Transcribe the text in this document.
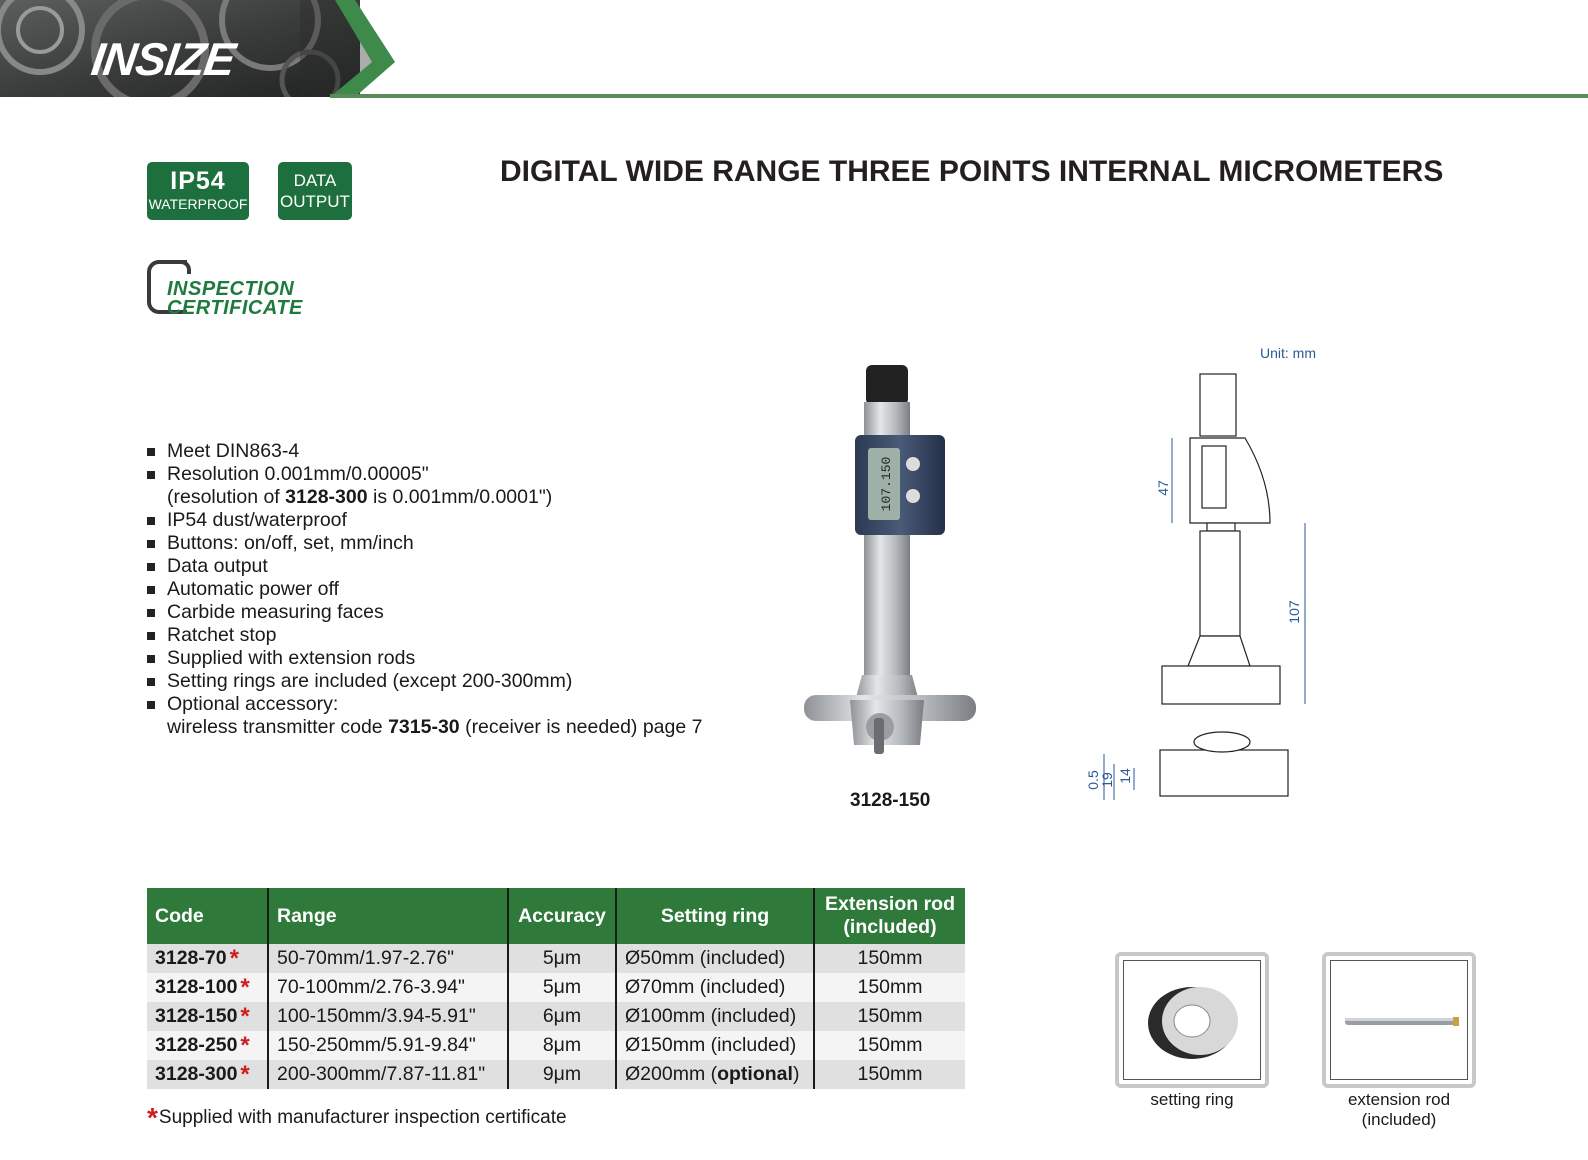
INSIZE
IP54
WATERPROOF
DATA
OUTPUT
DIGITAL WIDE RANGE THREE POINTS INTERNAL MICROMETERS
INSPECTION
CERTIFICATE
Meet DIN863-4
Resolution 0.001mm/0.00005"
(resolution of 3128-300 is 0.001mm/0.0001")
IP54 dust/waterproof
Buttons: on/off, set, mm/inch
Data output
Automatic power off
Carbide measuring faces
Ratchet stop
Supplied with extension rods
Setting rings are included (except 200-300mm)
Optional accessory:
wireless transmitter code 7315-30 (receiver is needed) page 7
107.150
3128-150
Unit: mm
47
107
0.5
19 14
Code	Range	Accuracy	Setting ring	Extension rod
(included)
3128-70 *	50-70mm/1.97-2.76"	5μm	Ø50mm (included)	150mm
3128-100 *	70-100mm/2.76-3.94"	5μm	Ø70mm (included)	150mm
3128-150 *	100-150mm/3.94-5.91"	6μm	Ø100mm (included)	150mm
3128-250 *	150-250mm/5.91-9.84"	8μm	Ø150mm (included)	150mm
3128-300 *	200-300mm/7.87-11.81"	9μm	Ø200mm (optional)	150mm
*Supplied with manufacturer inspection certificate
setting ring	extension rod
(included)
